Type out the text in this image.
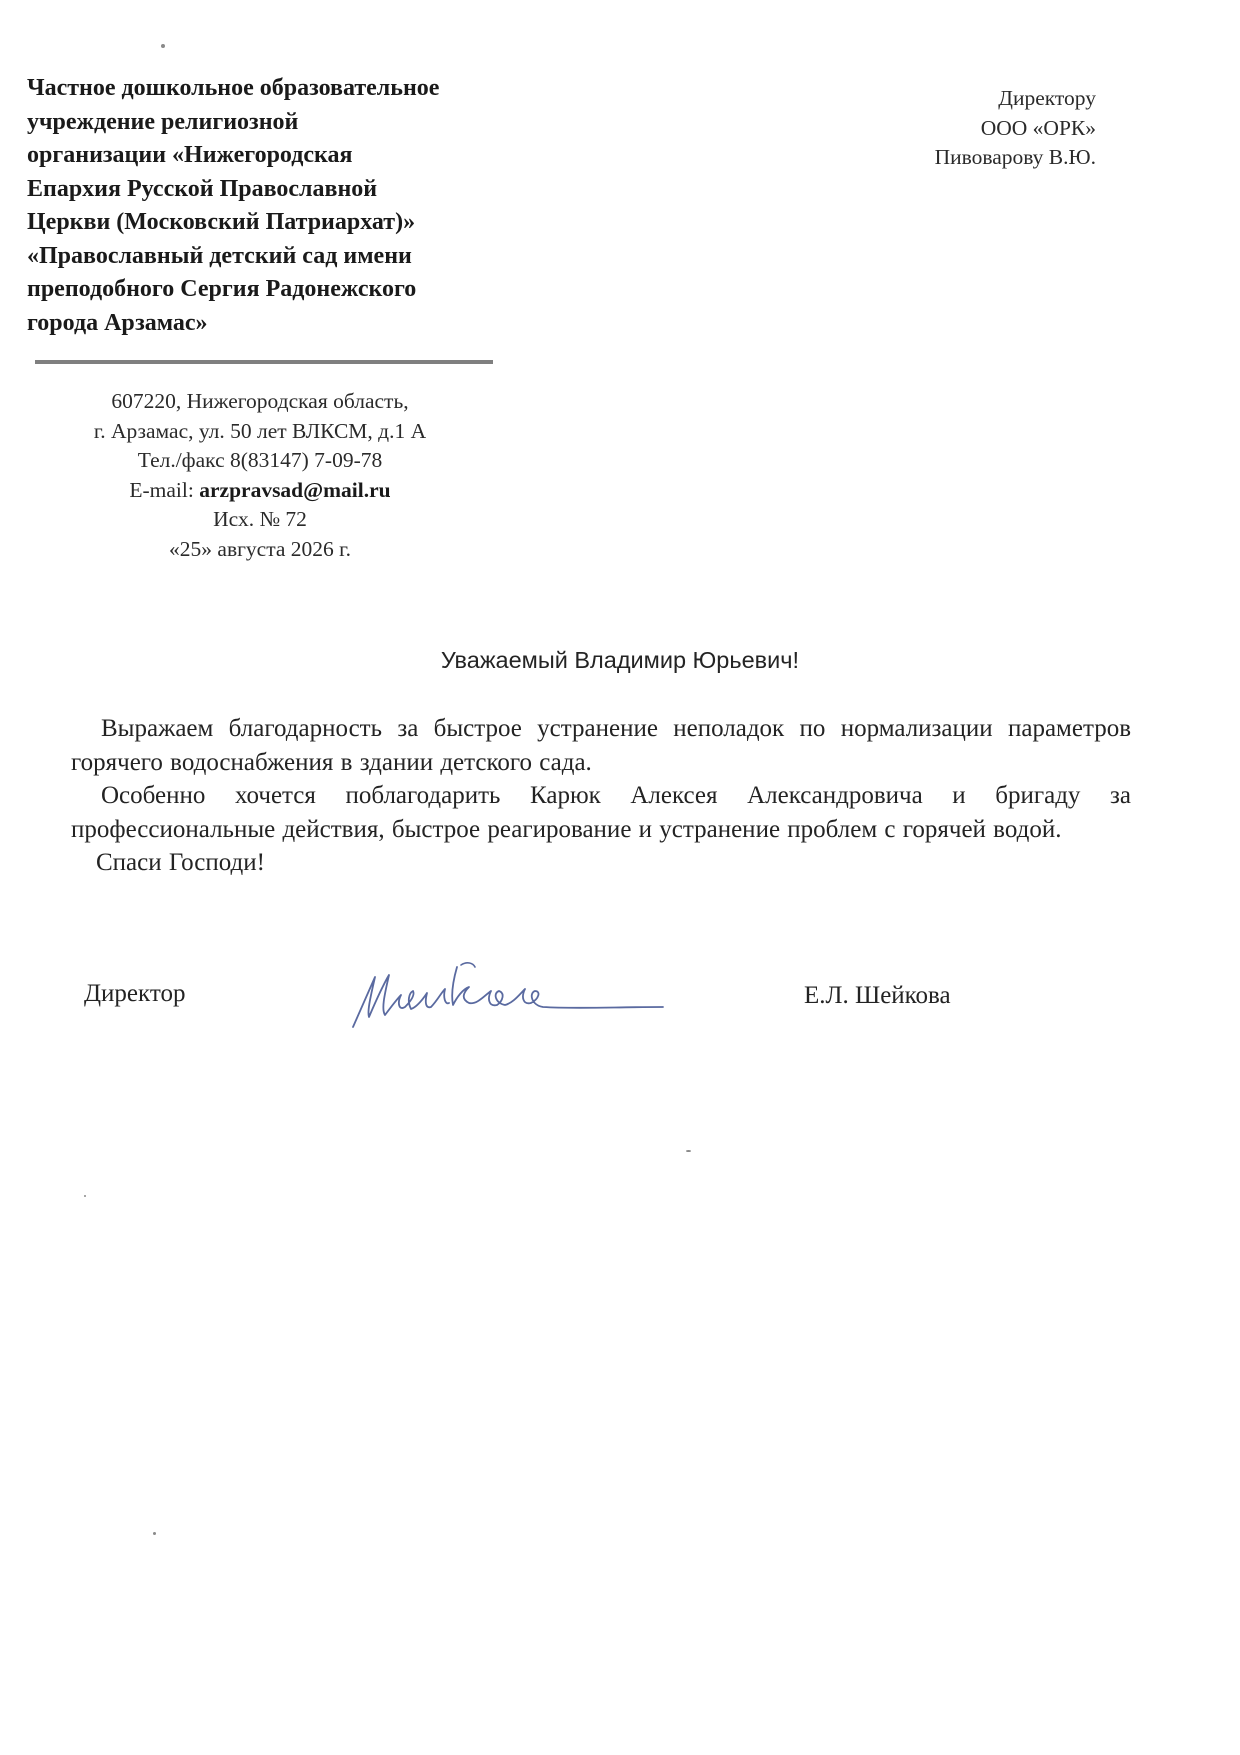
Частное дошкольное образовательное
учреждение религиозной
организации «Нижегородская
Епархия Русской Православной
Церкви (Московский Патриархат)»
«Православный детский сад имени
преподобного Сергия Радонежского
города Арзамас»
607220, Нижегородская область,
г. Арзамас, ул. 50 лет ВЛКСМ, д.1 А
Тел./факс 8(83147) 7-09-78
E-mail: arzpravsad@mail.ru
Исх. № 72
«25» августа 2026 г.
Директору
ООО «ОРК»
Пивоварову В.Ю.
Уважаемый Владимир Юрьевич!

Выражаем благодарность за быстрое устранение неполадок по нормализации параметров горячего водоснабжения в здании детского сада.

Особенно хочется поблагодарить Карюк Алексея Александровича и бригаду за профессиональные действия, быстрое реагирование и устранение проблем с горячей водой.

Спаси Господи!

Директор	Е.Л. Шейкова
